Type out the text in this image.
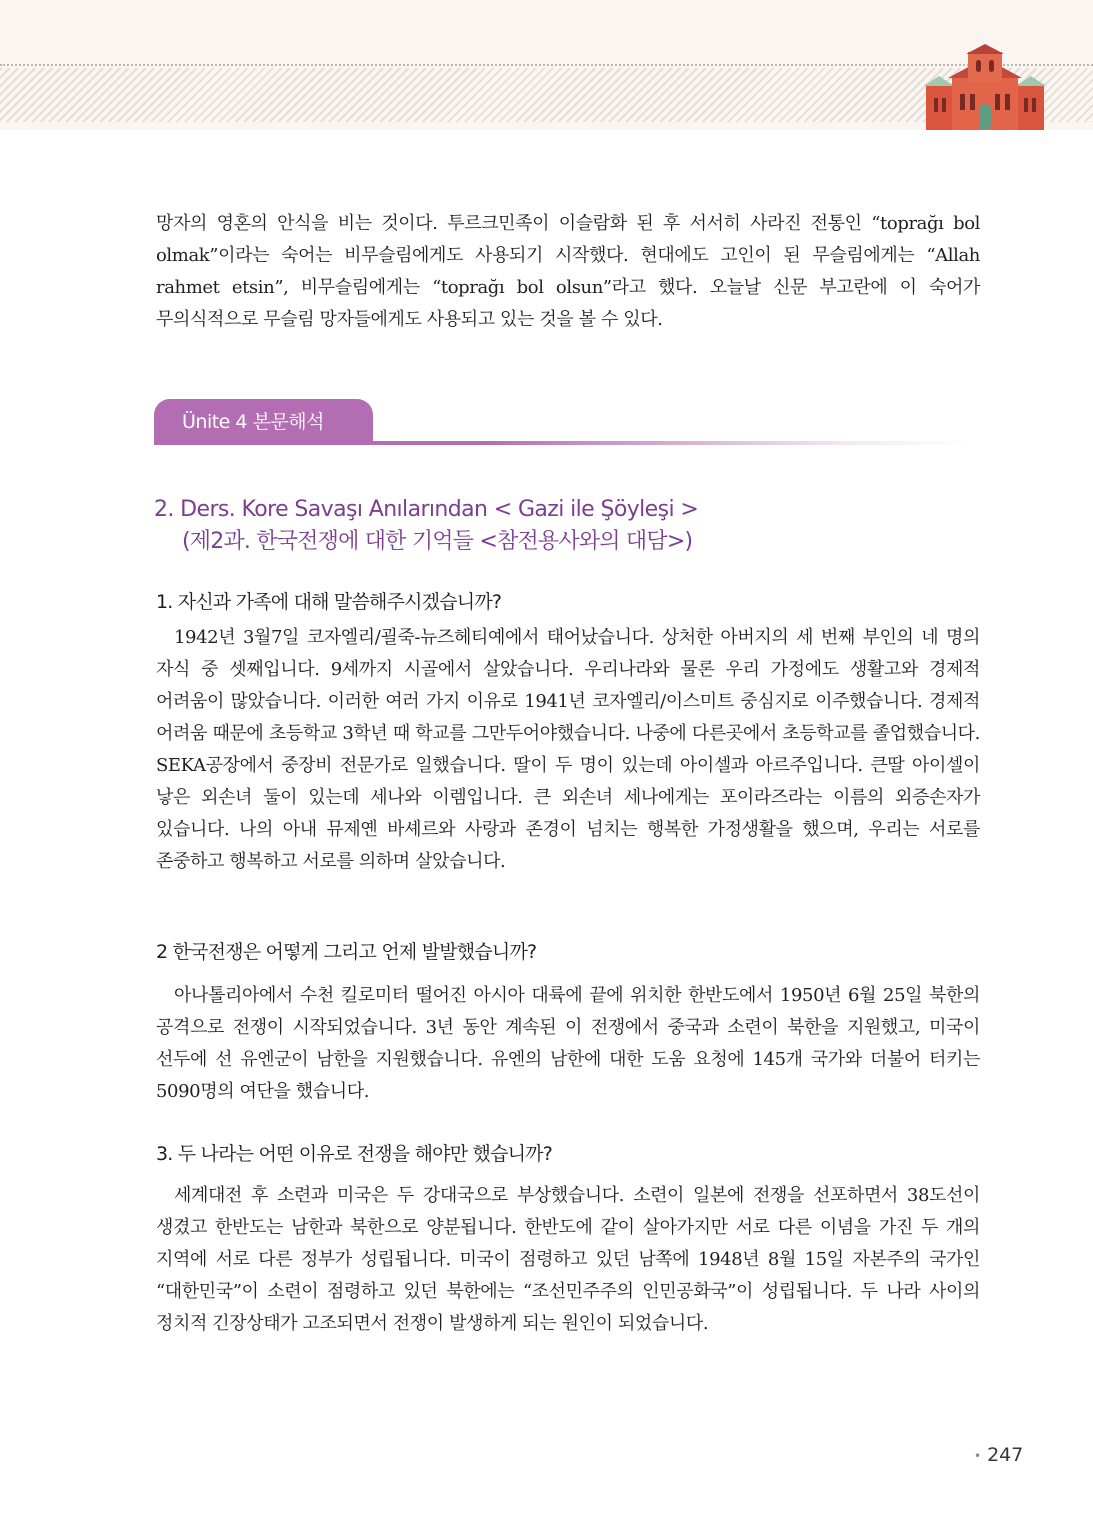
망자의 영혼의 안식을 비는 것이다. 투르크민족이 이슬람화 된 후 서서히 사라진 전통인 “toprağı bol olmak”이라는 숙어는 비무슬림에게도 사용되기 시작했다. 현대에도 고인이 된 무슬림에게는 “Allah rahmet etsin”, 비무슬림에게는 “toprağı bol olsun”라고 했다. 오늘날 신문 부고란에 이 숙어가 무의식적으로 무슬림 망자들에게도 사용되고 있는 것을 볼 수 있다.

Ünite 4 본문해석
2. Ders. Kore Savaşı Anılarından < Gazi ile Şöyleşi >
(제2과. 한국전쟁에 대한 기억들 <참전용사와의 대담>)
1. 자신과 가족에 대해 말씀해주시겠습니까?

1942년 3월7일 코자엘리/괼죽-뉴즈헤티예에서 태어났습니다. 상처한 아버지의 세 번째 부인의 네 명의 자식 중 셋째입니다. 9세까지 시골에서 살았습니다. 우리나라와 물론 우리 가정에도 생활고와 경제적 어려움이 많았습니다. 이러한 여러 가지 이유로 1941년 코자엘리/이스미트 중심지로 이주했습니다. 경제적 어려움 때문에 초등학교 3학년 때 학교를 그만두어야했습니다. 나중에 다른곳에서 초등학교를 졸업했습니다. SEKA공장에서 중장비 전문가로 일했습니다. 딸이 두 명이 있는데 아이셀과 아르주입니다. 큰딸 아이셀이 낳은 외손녀 둘이 있는데 세나와 이렘입니다. 큰 외손녀 세나에게는 포이라즈라는 이름의 외증손자가 있습니다. 나의 아내 뮤제옌 바셰르와 사랑과 존경이 넘치는 행복한 가정생활을 했으며, 우리는 서로를 존중하고 행복하고 서로를 의하며 살았습니다.

2 한국전쟁은 어떻게 그리고 언제 발발했습니까?

아나톨리아에서 수천 킬로미터 떨어진 아시아 대륙에 끝에 위치한 한반도에서 1950년 6월 25일 북한의 공격으로 전쟁이 시작되었습니다. 3년 동안 계속된 이 전쟁에서 중국과 소련이 북한을 지원했고, 미국이 선두에 선 유엔군이 남한을 지원했습니다. 유엔의 남한에 대한 도움 요청에 145개 국가와 더불어 터키는 5090명의 여단을 했습니다.

3. 두 나라는 어떤 이유로 전쟁을 해야만 했습니까?

세계대전 후 소련과 미국은 두 강대국으로 부상했습니다. 소련이 일본에 전쟁을 선포하면서 38도선이 생겼고 한반도는 남한과 북한으로 양분됩니다. 한반도에 같이 살아가지만 서로 다른 이념을 가진 두 개의 지역에 서로 다른 정부가 성립됩니다. 미국이 점령하고 있던 남쪽에 1948년 8월 15일 자본주의 국가인 “대한민국”이 소련이 점령하고 있던 북한에는 “조선민주주의 인민공화국”이 성립됩니다. 두 나라 사이의 정치적 긴장상태가 고조되면서 전쟁이 발생하게 되는 원인이 되었습니다.

• 247
